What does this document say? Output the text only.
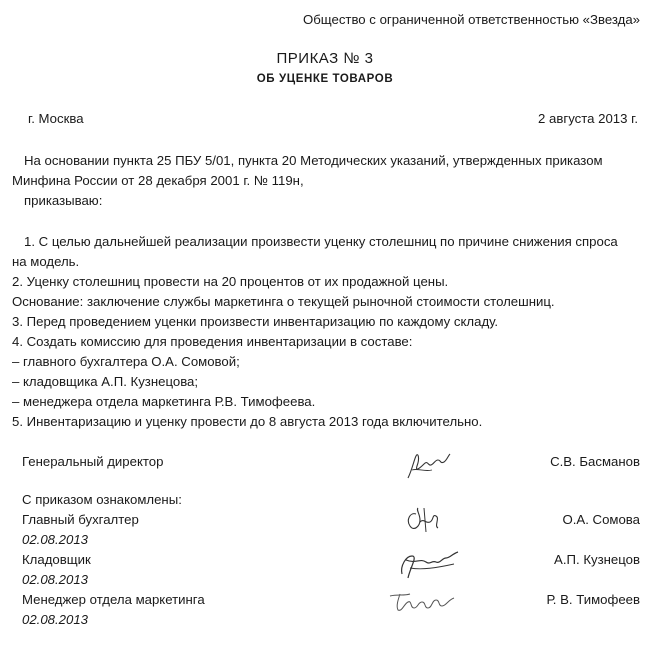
Общество с ограниченной ответственностью «Звезда»
ПРИКАЗ № 3
ОБ УЦЕНКЕ ТОВАРОВ
г. Москва	2 августа 2013 г.
На основании пункта 25 ПБУ 5/01, пункта 20 Методических указаний, утвержденных приказом
Минфина России от 28 декабря 2001 г. № 119н,
приказываю:
1. С целью дальнейшей реализации произвести уценку столешниц по причине снижения спроса
на модель.
2. Уценку столешниц провести на 20 процентов от их продажной цены.
Основание: заключение службы маркетинга о текущей рыночной стоимости столешниц.
3. Перед проведением уценки произвести инвентаризацию по каждому складу.
4. Создать комиссию для проведения инвентаризации в составе:
– главного бухгалтера О.А. Сомовой;
– кладовщика А.П. Кузнецова;
– менеджера отдела маркетинга Р.В. Тимофеева.
5. Инвентаризацию и уценку провести до 8 августа 2013 года включительно.
Генеральный директор	С.В. Басманов
С приказом ознакомлены:
Главный бухгалтер	О.А. Сомова
02.08.2013
Кладовщик	А.П. Кузнецов
02.08.2013
Менеджер отдела маркетинга	Р. В. Тимофеев
02.08.2013
